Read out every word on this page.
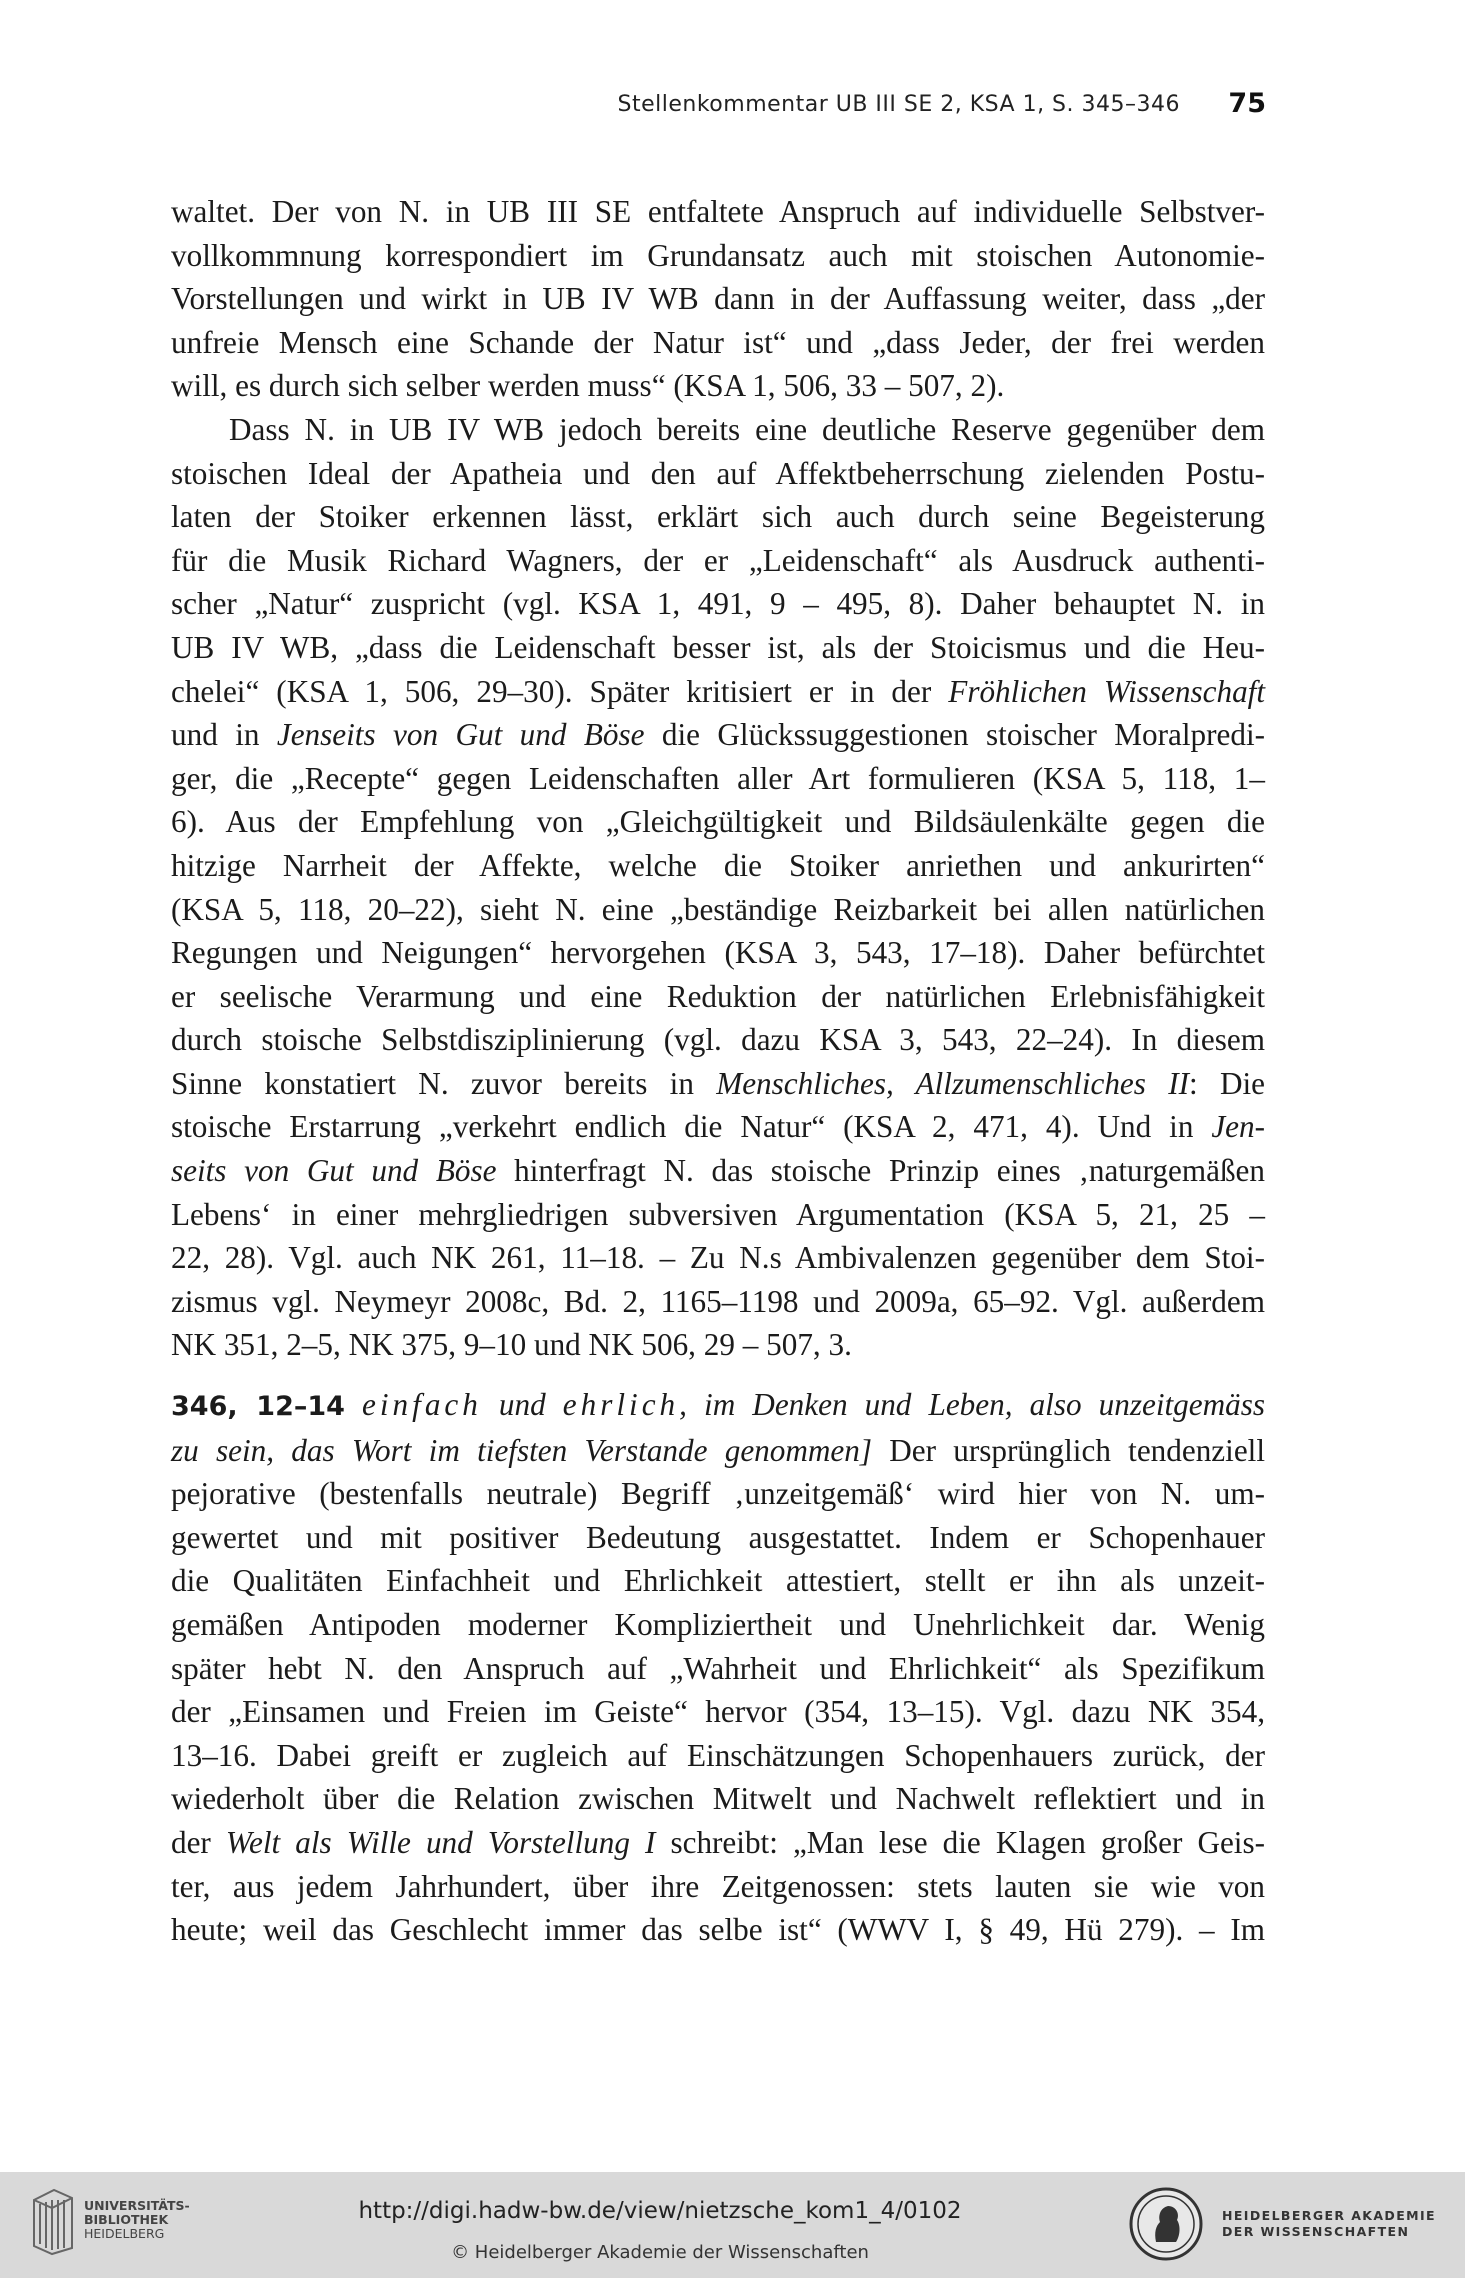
Stellenkommentar UB III SE 2, KSA 1, S. 345–346 75
waltet. Der von N. in UB III SE entfaltete Anspruch auf individuelle Selbstver-
vollkommnung korrespondiert im Grundansatz auch mit stoischen Autonomie-
Vorstellungen und wirkt in UB IV WB dann in der Auffassung weiter, dass „der
unfreie Mensch eine Schande der Natur ist“ und „dass Jeder, der frei werden
will, es durch sich selber werden muss“ (KSA 1, 506, 33 – 507, 2).
Dass N. in UB IV WB jedoch bereits eine deutliche Reserve gegenüber dem
stoischen Ideal der Apatheia und den auf Affektbeherrschung zielenden Postu-
laten der Stoiker erkennen lässt, erklärt sich auch durch seine Begeisterung
für die Musik Richard Wagners, der er „Leidenschaft“ als Ausdruck authenti-
scher „Natur“ zuspricht (vgl. KSA 1, 491, 9 – 495, 8). Daher behauptet N. in
UB IV WB, „dass die Leidenschaft besser ist, als der Stoicismus und die Heu-
chelei“ (KSA 1, 506, 29–30). Später kritisiert er in der Fröhlichen Wissenschaft
und in Jenseits von Gut und Böse die Glückssuggestionen stoischer Moralpredi-
ger, die „Recepte“ gegen Leidenschaften aller Art formulieren (KSA 5, 118, 1–
6). Aus der Empfehlung von „Gleichgültigkeit und Bildsäulenkälte gegen die
hitzige Narrheit der Affekte, welche die Stoiker anriethen und ankurirten“
(KSA 5, 118, 20–22), sieht N. eine „beständige Reizbarkeit bei allen natürlichen
Regungen und Neigungen“ hervorgehen (KSA 3, 543, 17–18). Daher befürchtet
er seelische Verarmung und eine Reduktion der natürlichen Erlebnisfähigkeit
durch stoische Selbstdisziplinierung (vgl. dazu KSA 3, 543, 22–24). In diesem
Sinne konstatiert N. zuvor bereits in Menschliches, Allzumenschliches II: Die
stoische Erstarrung „verkehrt endlich die Natur“ (KSA 2, 471, 4). Und in Jen-
seits von Gut und Böse hinterfragt N. das stoische Prinzip eines ‚naturgemäßen
Lebens‘ in einer mehrgliedrigen subversiven Argumentation (KSA 5, 21, 25 –
22, 28). Vgl. auch NK 261, 11–18. – Zu N.s Ambivalenzen gegenüber dem Stoi-
zismus vgl. Neymeyr 2008c, Bd. 2, 1165–1198 und 2009a, 65–92. Vgl. außerdem
NK 351, 2–5, NK 375, 9–10 und NK 506, 29 – 507, 3.
346, 12–14 einfach und ehrlich, im Denken und Leben, also unzeitgemäss
zu sein, das Wort im tiefsten Verstande genommen] Der ursprünglich tendenziell
pejorative (bestenfalls neutrale) Begriff ‚unzeitgemäß‘ wird hier von N. um-
gewertet und mit positiver Bedeutung ausgestattet. Indem er Schopenhauer
die Qualitäten Einfachheit und Ehrlichkeit attestiert, stellt er ihn als unzeit-
gemäßen Antipoden moderner Kompliziertheit und Unehrlichkeit dar. Wenig
später hebt N. den Anspruch auf „Wahrheit und Ehrlichkeit“ als Spezifikum
der „Einsamen und Freien im Geiste“ hervor (354, 13–15). Vgl. dazu NK 354,
13–16. Dabei greift er zugleich auf Einschätzungen Schopenhauers zurück, der
wiederholt über die Relation zwischen Mitwelt und Nachwelt reflektiert und in
der Welt als Wille und Vorstellung I schreibt: „Man lese die Klagen großer Geis-
ter, aus jedem Jahrhundert, über ihre Zeitgenossen: stets lauten sie wie von
heute; weil das Geschlecht immer das selbe ist“ (WWV I, § 49, Hü 279). – Im
UNIVERSITÄTS-
BIBLIOTHEK
HEIDELBERG
http://digi.hadw-bw.de/view/nietzsche_kom1_4/0102
© Heidelberger Akademie der Wissenschaften
HEIDELBERGER AKADEMIE
DER WISSENSCHAFTEN
